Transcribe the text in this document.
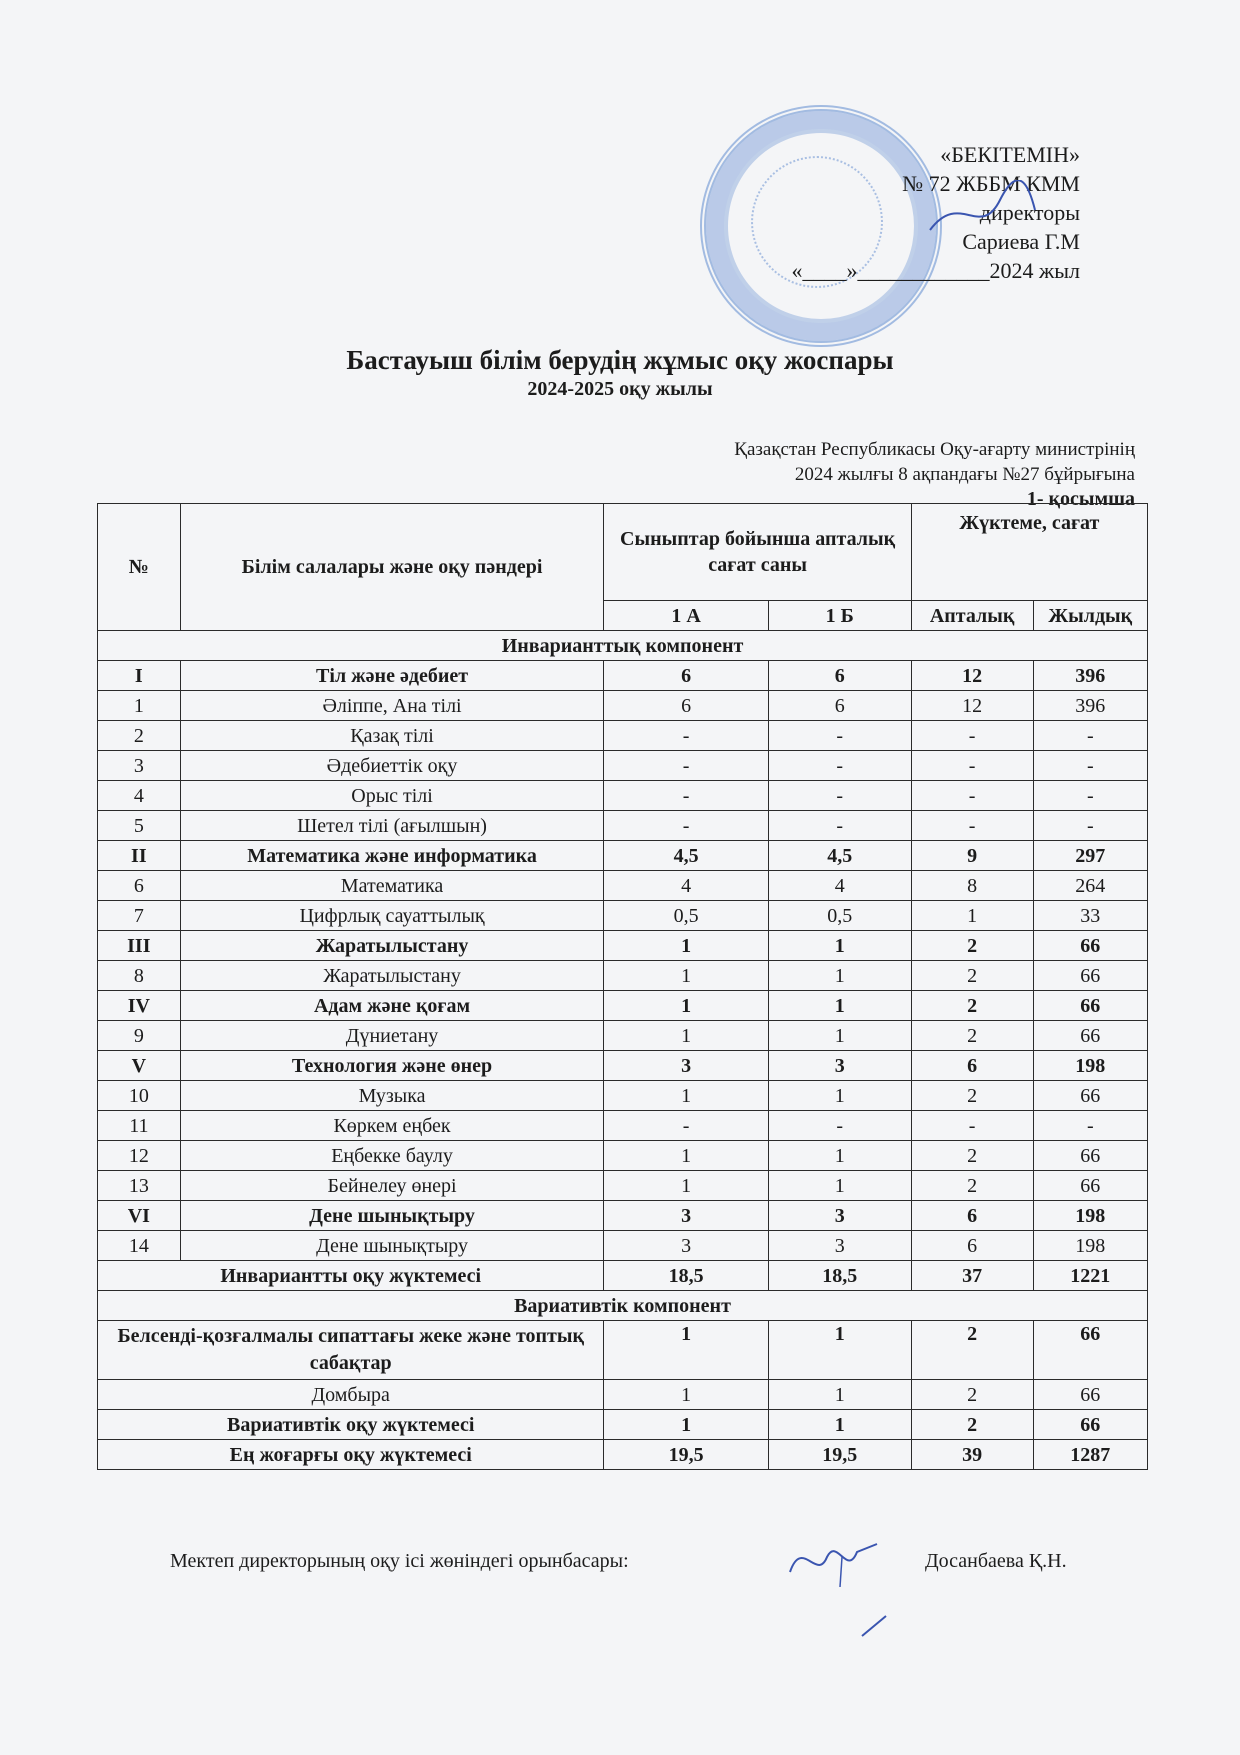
«БЕКІТЕМІН»
№ 72 ЖББМ КММ
директоры
Сариева Г.М
«____»____________2024 жыл
Бастауыш білім берудің жұмыс оқу жоспары
2024-2025 оқу жылы
Қазақстан Республикасы Оқу-ағарту министрінің
2024 жылғы 8 ақпандағы №27 бұйрығына
1- қосымша
№	Білім салалары және оқу пәндері	Сыныптар бойынша апталық сағат саны		Жүктеме, сағат	
		1 А	1 Б	Апталық	Жылдық
Инварианттық компонент					
I	Тіл және әдебиет	6	6	12	396
1	Әліппе, Ана тілі	6	6	12	396
2	Қазақ тілі	-	-	-	-
3	Әдебиеттік оқу	-	-	-	-
4	Орыс тілі	-	-	-	-
5	Шетел тілі (ағылшын)	-	-	-	-
II	Математика және информатика	4,5	4,5	9	297
6	Математика	4	4	8	264
7	Цифрлық сауаттылық	0,5	0,5	1	33
III	Жаратылыстану	1	1	2	66
8	Жаратылыстану	1	1	2	66
IV	Адам және қоғам	1	1	2	66
9	Дүниетану	1	1	2	66
V	Технология және өнер	3	3	6	198
10	Музыка	1	1	2	66
11	Көркем еңбек	-	-	-	-
12	Еңбекке баулу	1	1	2	66
13	Бейнелеу өнері	1	1	2	66
VI	Дене шынықтыру	3	3	6	198
14	Дене шынықтыру	3	3	6	198
Инвариантты оқу жүктемесі		18,5	18,5	37	1221
Вариативтік компонент					
Белсенді-қозғалмалы сипаттағы жеке және топтық сабақтар		1	1	2	66
Домбыра		1	1	2	66
Вариативтік оқу жүктемесі		1	1	2	66
Ең жоғарғы оқу жүктемесі		19,5	19,5	39	1287
Мектеп директорының оқу ісі жөніндегі орынбасары:	Досанбаева Қ.Н.
